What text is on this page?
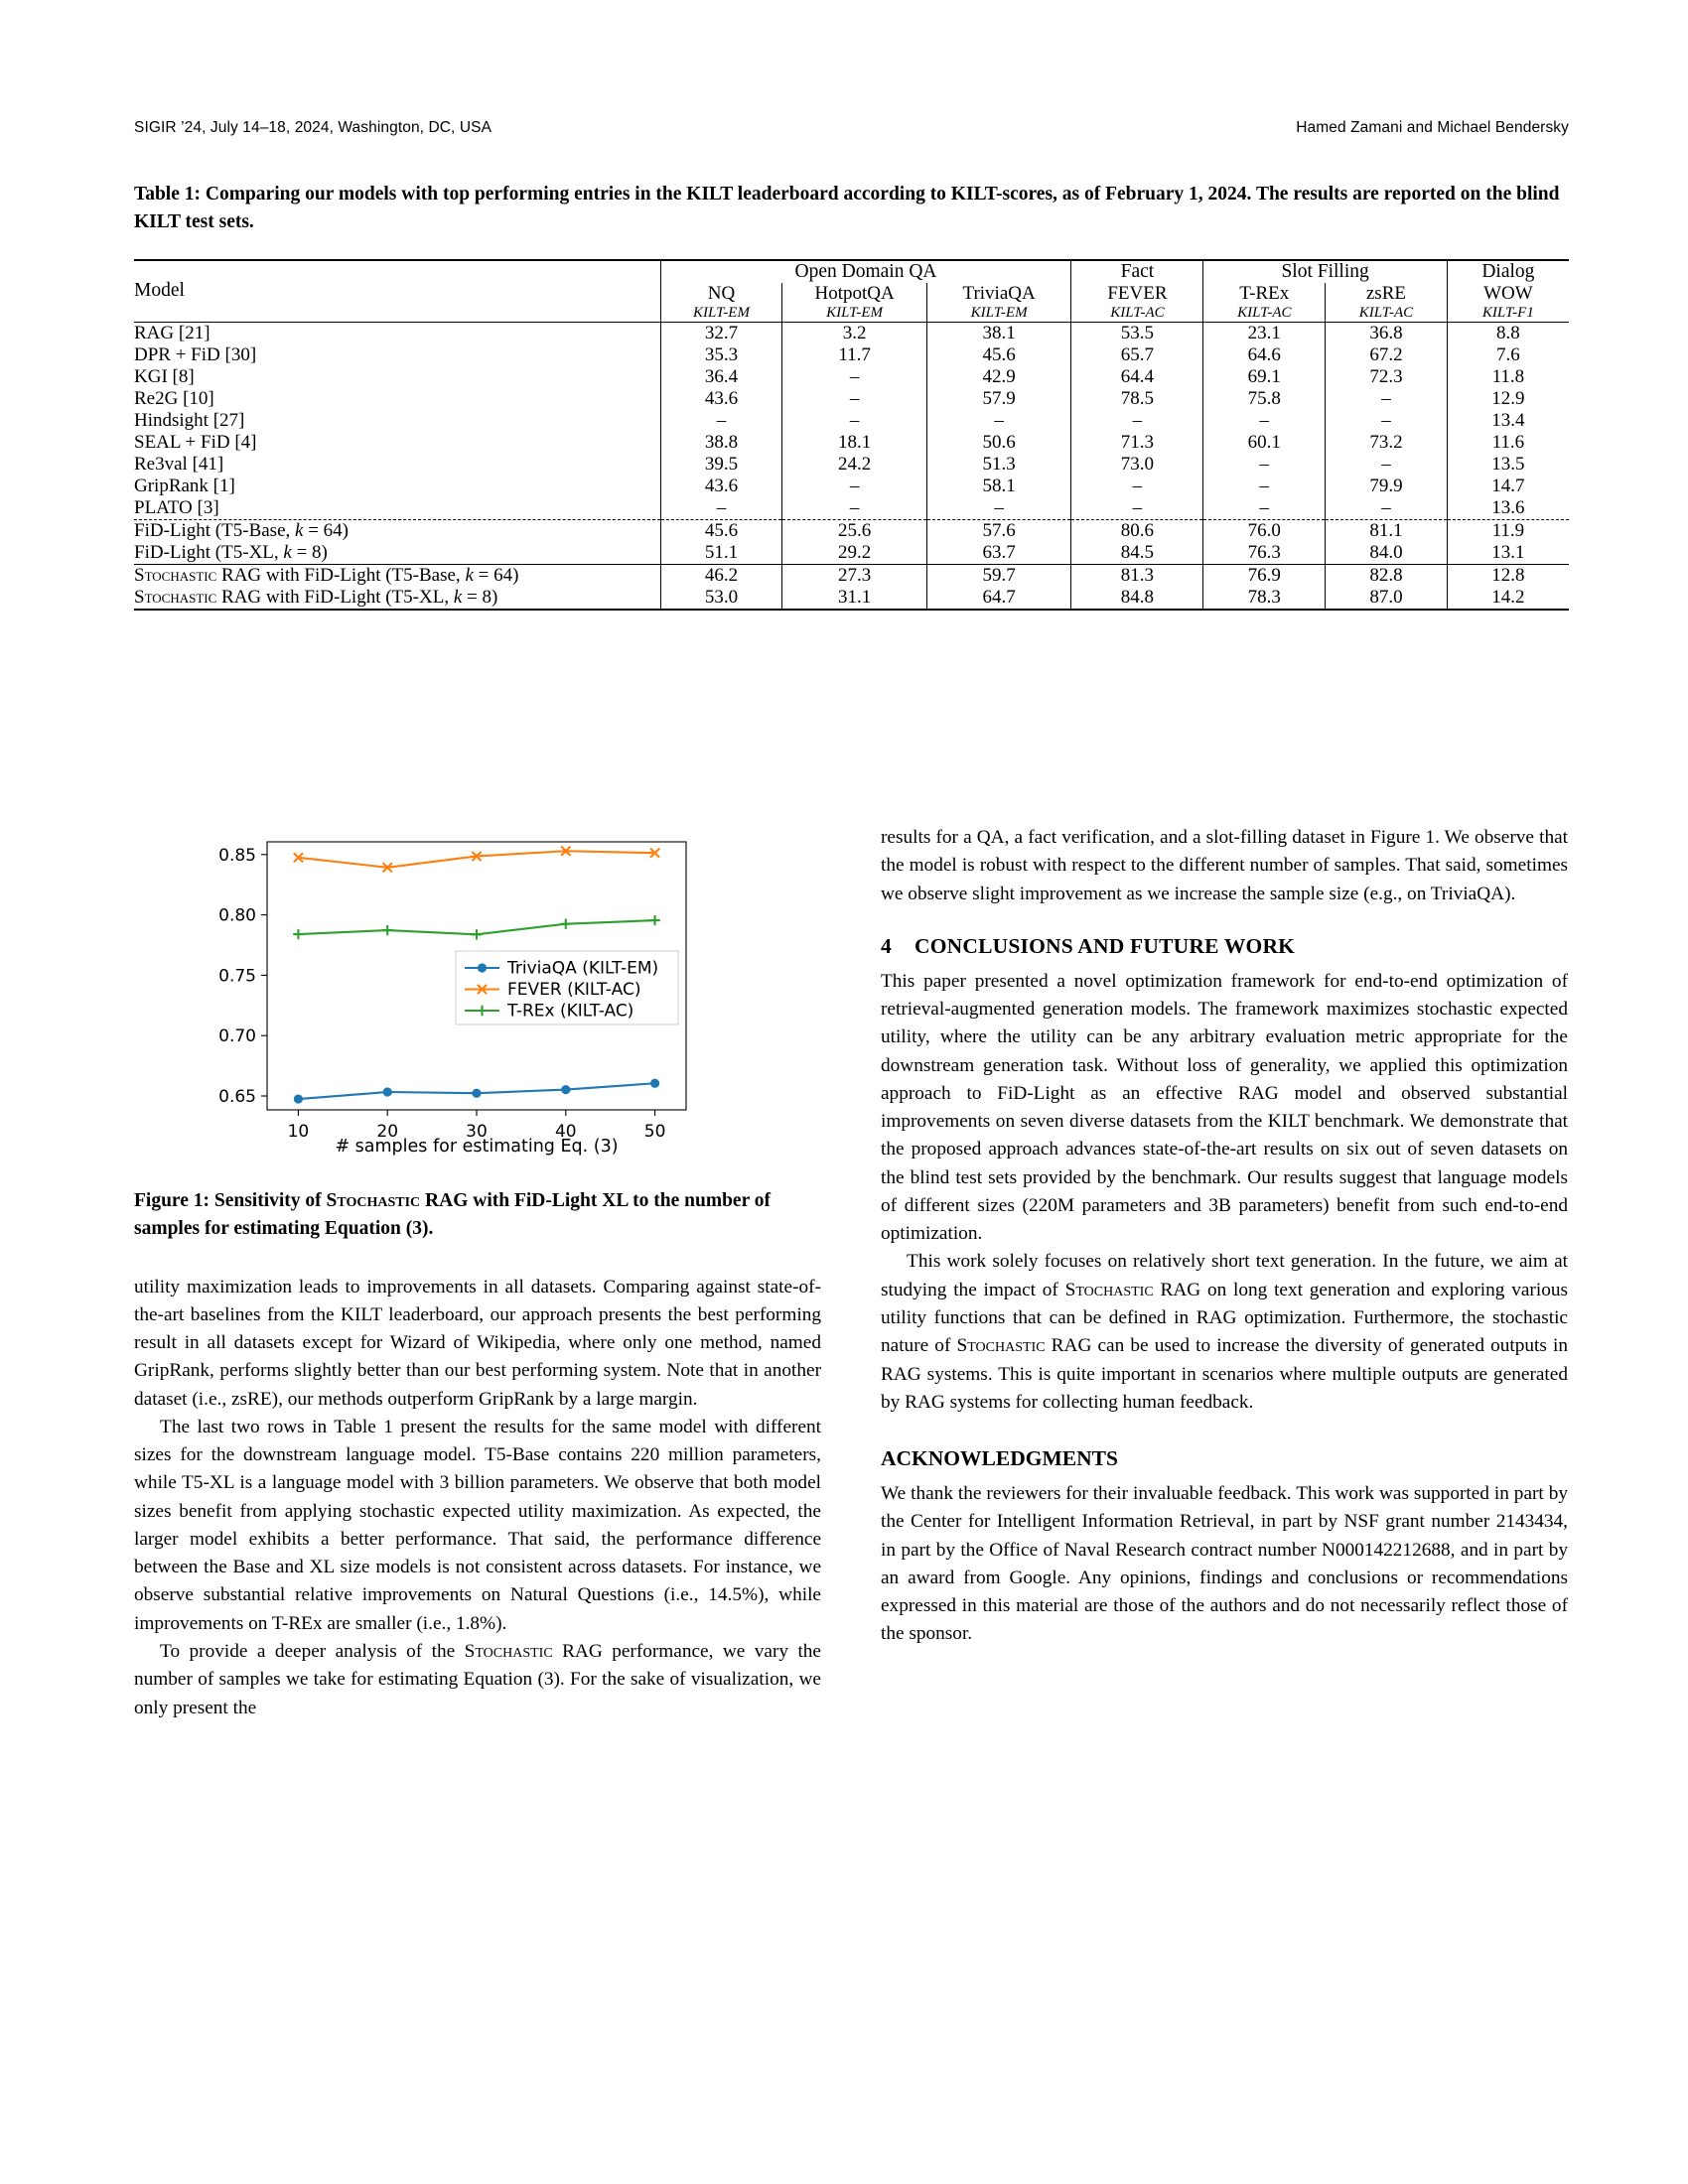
SIGIR ’24, July 14–18, 2024, Washington, DC, USA	Hamed Zamani and Michael Bendersky
Table 1: Comparing our models with top performing entries in the KILT leaderboard according to KILT-scores, as of February 1, 2024. The results are reported on the blind KILT test sets.
Model	Open Domain QA			Fact	Slot Filling		Dialog
	NQ	HotpotQA	TriviaQA	FEVER	T-REx	zsRE	WOW
	KILT-EM	KILT-EM	KILT-EM	KILT-AC	KILT-AC	KILT-AC	KILT-F1
RAG [21]	32.7	3.2	38.1	53.5	23.1	36.8	8.8
DPR + FiD [30]	35.3	11.7	45.6	65.7	64.6	67.2	7.6
KGI [8]	36.4	–	42.9	64.4	69.1	72.3	11.8
Re2G [10]	43.6	–	57.9	78.5	75.8	–	12.9
Hindsight [27]	–	–	–	–	–	–	13.4
SEAL + FiD [4]	38.8	18.1	50.6	71.3	60.1	73.2	11.6
Re3val [41]	39.5	24.2	51.3	73.0	–	–	13.5
GripRank [1]	43.6	–	58.1	–	–	79.9	14.7
PLATO [3]	–	–	–	–	–	–	13.6
FiD-Light (T5-Base, k = 64)	45.6	25.6	57.6	80.6	76.0	81.1	11.9
FiD-Light (T5-XL, k = 8)	51.1	29.2	63.7	84.5	76.3	84.0	13.1
Stochastic RAG with FiD-Light (T5-Base, k = 64)	46.2	27.3	59.7	81.3	76.9	82.8	12.8
Stochastic RAG with FiD-Light (T5-XL, k = 8)	53.0	31.1	64.7	84.8	78.3	87.0	14.2

0.65
0.70
0.75
0.80
0.85
10	20	30	40	50
TriviaQA (KILT-EM)
FEVER (KILT-AC)
T-REx (KILT-AC)
# samples for estimating Eq. (3)
Figure 1: Sensitivity of Stochastic RAG with FiD-Light XL to the number of samples for estimating Equation (3).

utility maximization leads to improvements in all datasets. Comparing against state-of-the-art baselines from the KILT leaderboard, our approach presents the best performing result in all datasets except for Wizard of Wikipedia, where only one method, named GripRank, performs slightly better than our best performing system. Note that in another dataset (i.e., zsRE), our methods outperform GripRank by a large margin.

The last two rows in Table 1 present the results for the same model with different sizes for the downstream language model. T5-Base contains 220 million parameters, while T5-XL is a language model with 3 billion parameters. We observe that both model sizes benefit from applying stochastic expected utility maximization. As expected, the larger model exhibits a better performance. That said, the performance difference between the Base and XL size models is not consistent across datasets. For instance, we observe substantial relative improvements on Natural Questions (i.e., 14.5%), while improvements on T-REx are smaller (i.e., 1.8%).

To provide a deeper analysis of the Stochastic RAG performance, we vary the number of samples we take for estimating Equation (3). For the sake of visualization, we only present the

results for a QA, a fact verification, and a slot-filling dataset in Figure 1. We observe that the model is robust with respect to the different number of samples. That said, sometimes we observe slight improvement as we increase the sample size (e.g., on TriviaQA).

4 CONCLUSIONS AND FUTURE WORK

This paper presented a novel optimization framework for end-to-end optimization of retrieval-augmented generation models. The framework maximizes stochastic expected utility, where the utility can be any arbitrary evaluation metric appropriate for the downstream generation task. Without loss of generality, we applied this optimization approach to FiD-Light as an effective RAG model and observed substantial improvements on seven diverse datasets from the KILT benchmark. We demonstrate that the proposed approach advances state-of-the-art results on six out of seven datasets on the blind test sets provided by the benchmark. Our results suggest that language models of different sizes (220M parameters and 3B parameters) benefit from such end-to-end optimization.

This work solely focuses on relatively short text generation. In the future, we aim at studying the impact of Stochastic RAG on long text generation and exploring various utility functions that can be defined in RAG optimization. Furthermore, the stochastic nature of Stochastic RAG can be used to increase the diversity of generated outputs in RAG systems. This is quite important in scenarios where multiple outputs are generated by RAG systems for collecting human feedback.

ACKNOWLEDGMENTS

We thank the reviewers for their invaluable feedback. This work was supported in part by the Center for Intelligent Information Retrieval, in part by NSF grant number 2143434, in part by the Office of Naval Research contract number N000142212688, and in part by an award from Google. Any opinions, findings and conclusions or recommendations expressed in this material are those of the authors and do not necessarily reflect those of the sponsor.
